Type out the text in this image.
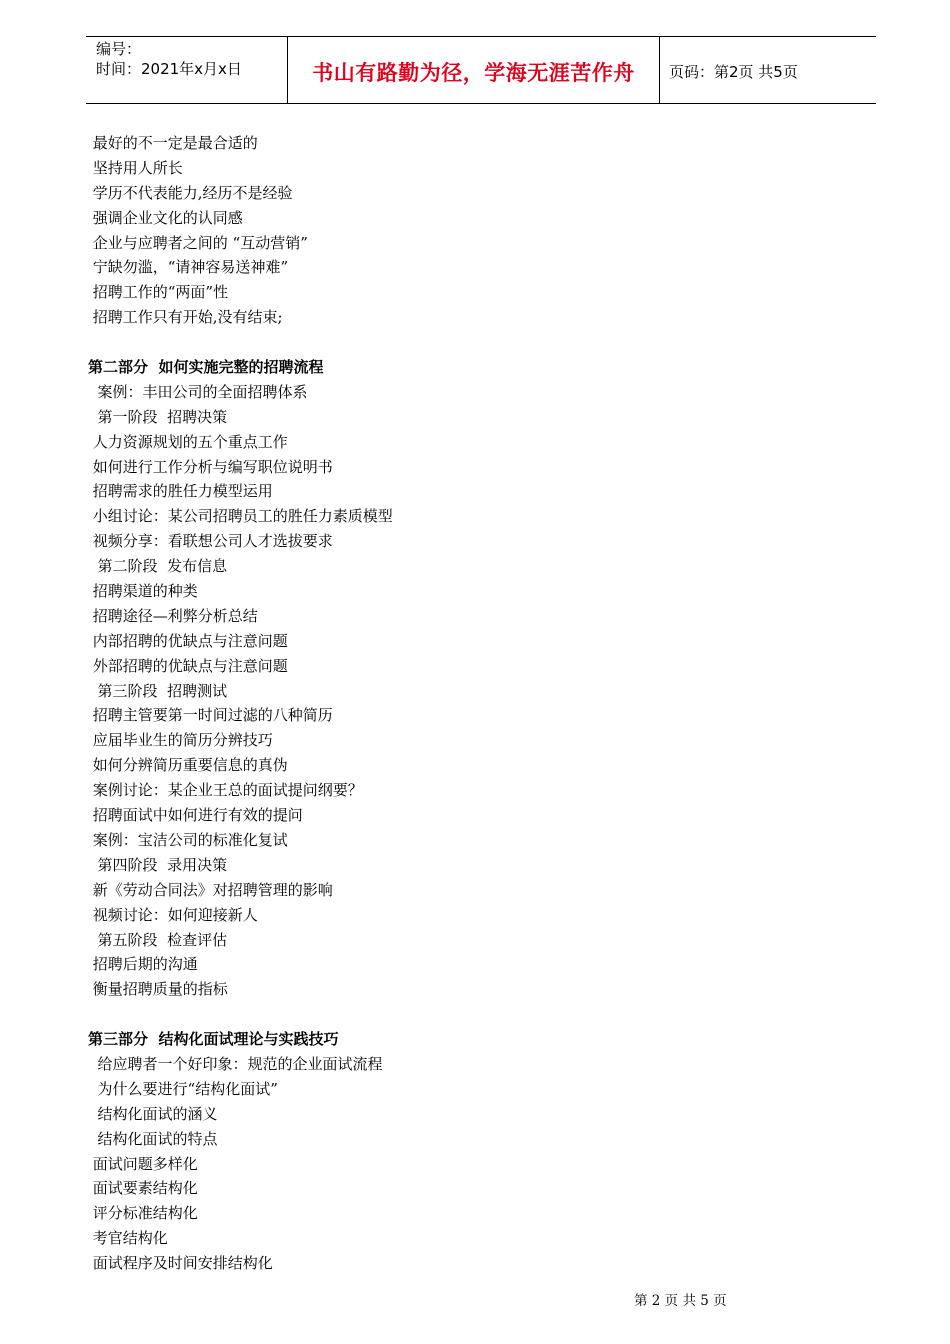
编号：
时间：2021年x月x日	书山有路勤为径，学海无涯苦作舟	页码：第2页 共5页
最好的不一定是最合适的
坚持用人所长
学历不代表能力,经历不是经验
强调企业文化的认同感
企业与应聘者之间的 “互动营销”
宁缺勿滥，“请神容易送神难”
招聘工作的“两面”性
招聘工作只有开始,没有结束;
第二部分  如何实施完整的招聘流程
案例：丰田公司的全面招聘体系
第一阶段  招聘决策
人力资源规划的五个重点工作
如何进行工作分析与编写职位说明书
招聘需求的胜任力模型运用
小组讨论：某公司招聘员工的胜任力素质模型
视频分享：看联想公司人才选拔要求
第二阶段  发布信息
招聘渠道的种类
招聘途径—利弊分析总结
内部招聘的优缺点与注意问题
外部招聘的优缺点与注意问题
第三阶段  招聘测试
招聘主管要第一时间过滤的八种简历
应届毕业生的简历分辨技巧
如何分辨简历重要信息的真伪
案例讨论：某企业王总的面试提问纲要？
招聘面试中如何进行有效的提问
案例：宝洁公司的标准化复试
第四阶段  录用决策
新《劳动合同法》对招聘管理的影响
视频讨论：如何迎接新人
第五阶段  检查评估
招聘后期的沟通
衡量招聘质量的指标
第三部分  结构化面试理论与实践技巧
给应聘者一个好印象：规范的企业面试流程
为什么要进行“结构化面试”
结构化面试的涵义
结构化面试的特点
面试问题多样化
面试要素结构化
评分标准结构化
考官结构化
面试程序及时间安排结构化
第 2 页 共 5 页
